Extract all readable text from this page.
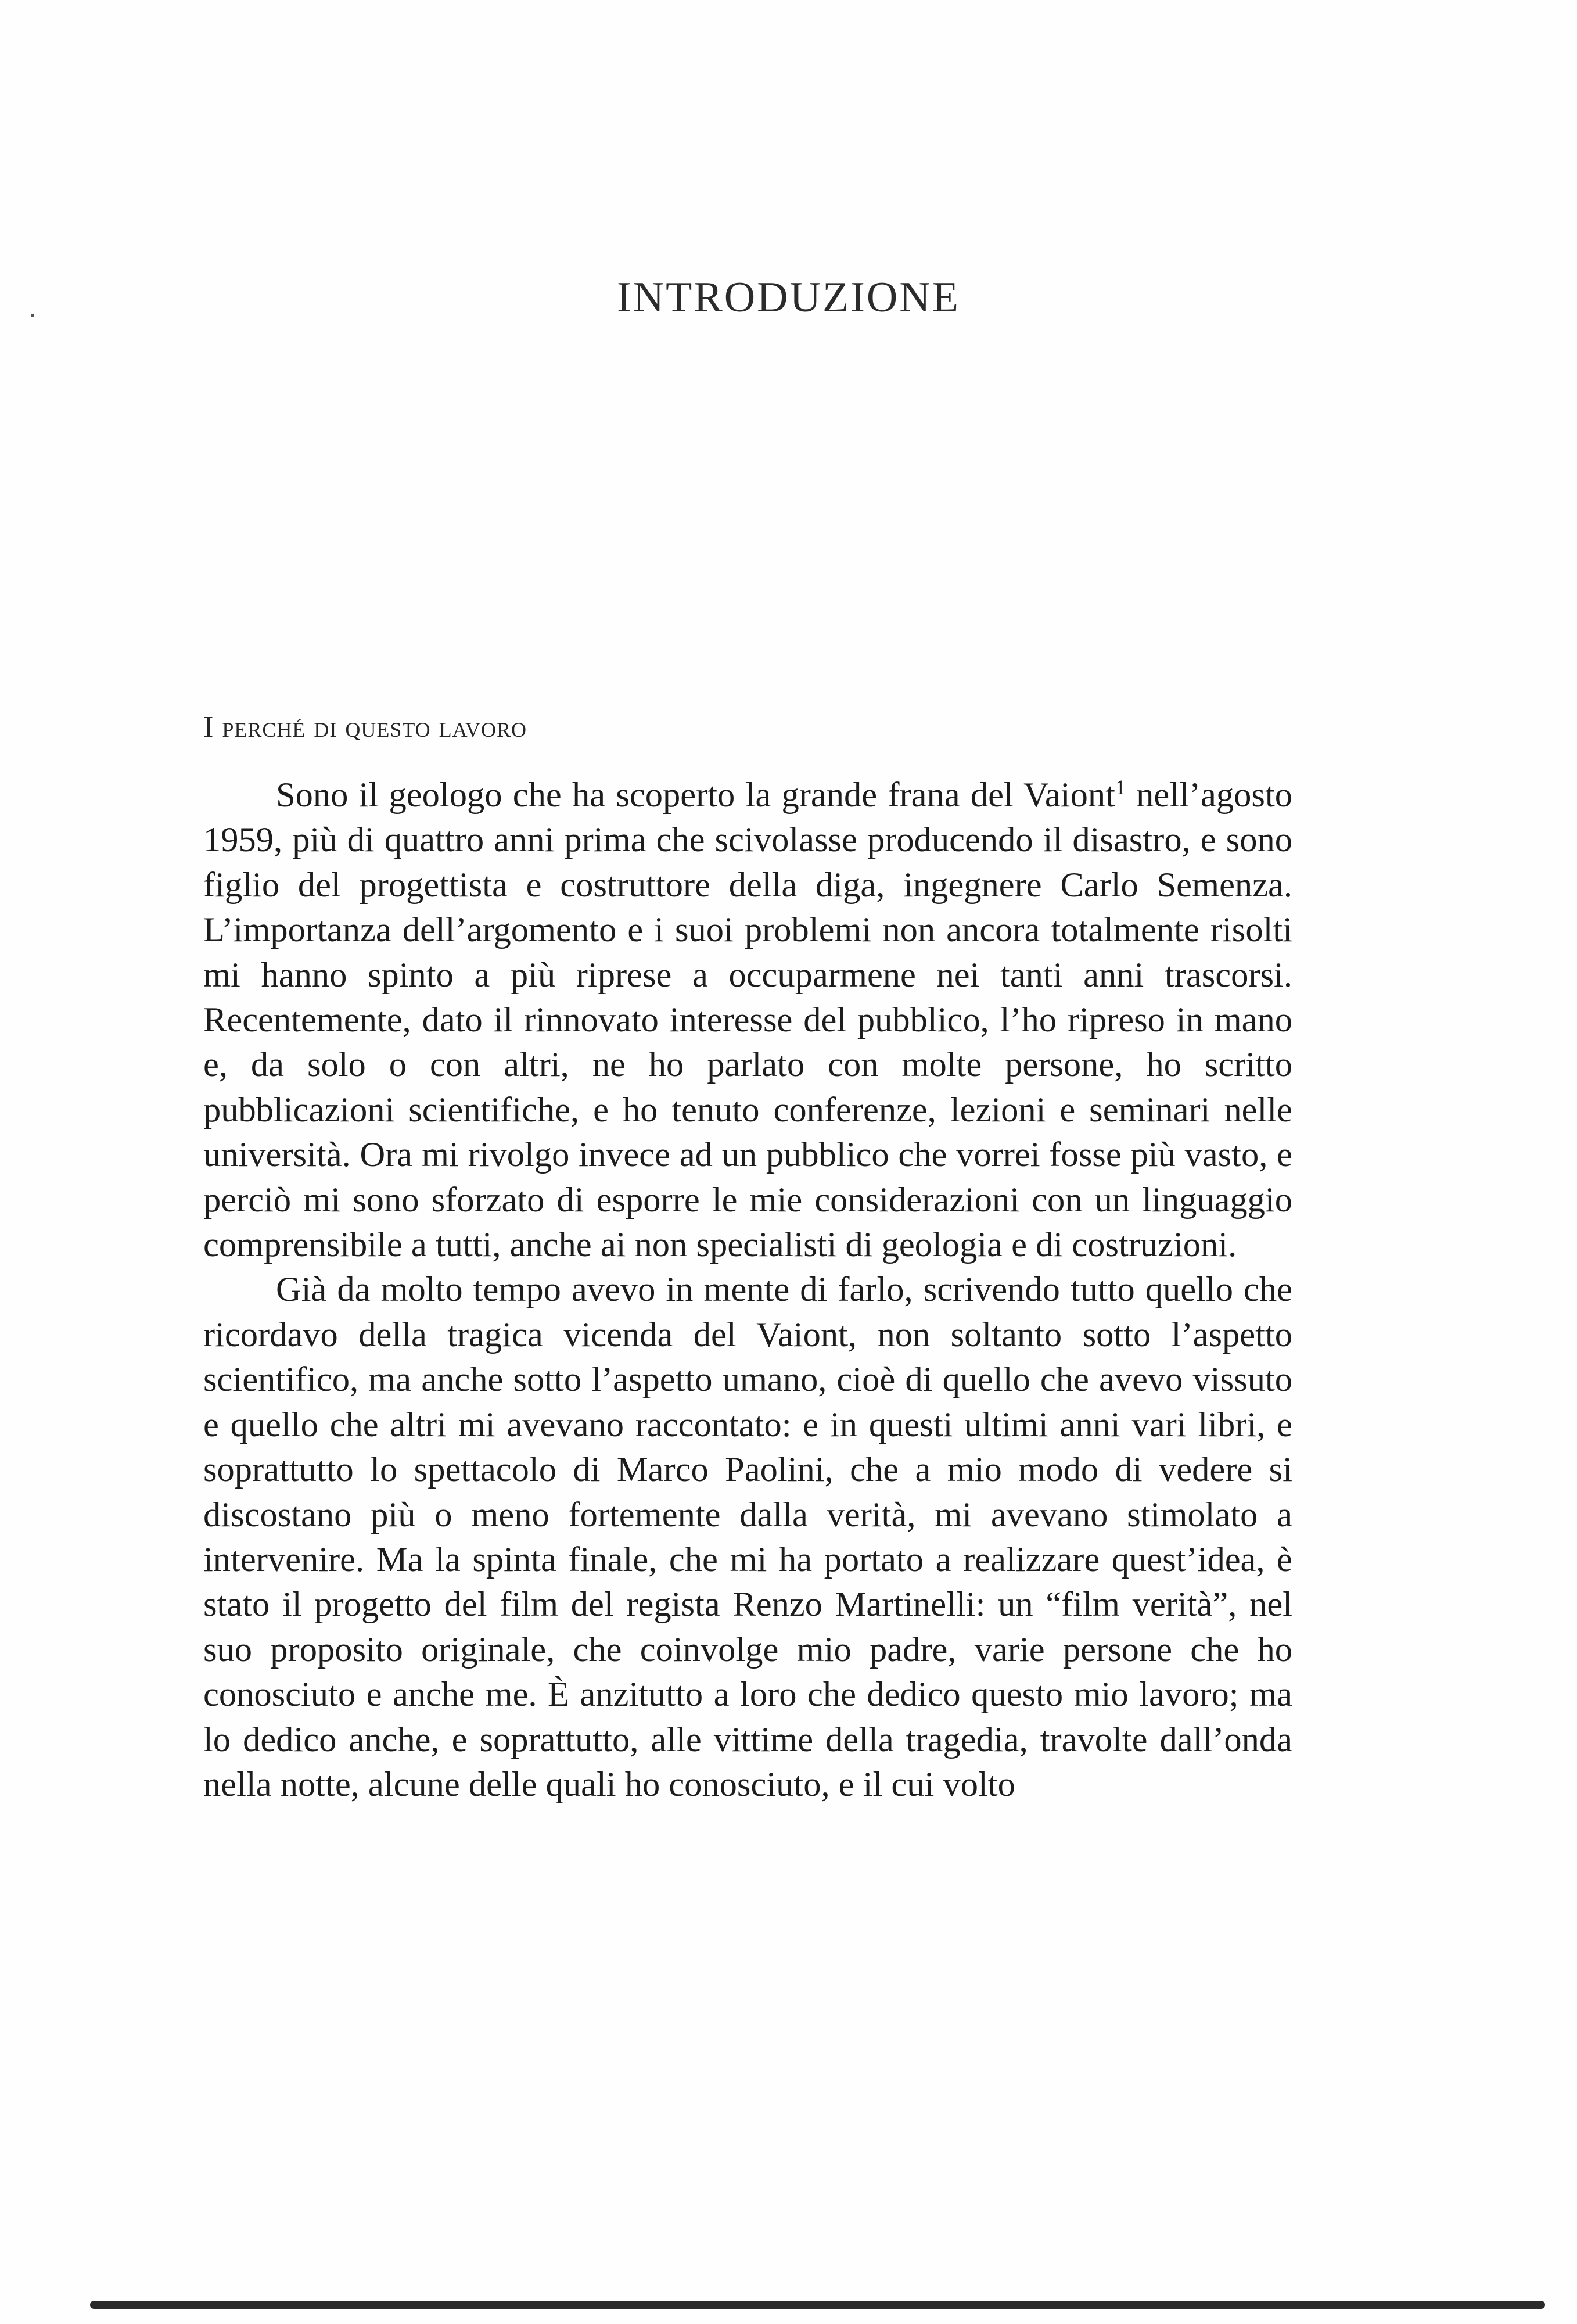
INTRODUZIONE
I perché di questo lavoro

Sono il geologo che ha scoperto la grande frana del Vaiont$^1$ nell’agosto 1959, più di quattro anni prima che scivolasse producendo il disastro, e sono figlio del progettista e costruttore della diga, ingegnere Carlo Semenza. L’importanza dell’argomento e i suoi problemi non ancora totalmente risolti mi hanno spinto a più riprese a occuparmene nei tanti anni trascorsi. Recentemente, dato il rinnovato interesse del pubblico, l’ho ripreso in mano e, da solo o con altri, ne ho parlato con molte persone, ho scritto pubblicazioni scientifiche, e ho tenuto conferenze, lezioni e seminari nelle università. Ora mi rivolgo invece ad un pubblico che vorrei fosse più vasto, e perciò mi sono sforzato di esporre le mie considerazioni con un linguaggio comprensibile a tutti, anche ai non specialisti di geologia e di costruzioni.

Già da molto tempo avevo in mente di farlo, scrivendo tutto quello che ricordavo della tragica vicenda del Vaiont, non soltanto sotto l’aspetto scientifico, ma anche sotto l’aspetto umano, cioè di quello che avevo vissuto e quello che altri mi avevano raccontato: e in questi ultimi anni vari libri, e soprattutto lo spettacolo di Marco Paolini, che a mio modo di vedere si discostano più o meno fortemente dalla verità, mi avevano stimolato a intervenire. Ma la spinta finale, che mi ha portato a realizzare quest’idea, è stato il progetto del film del regista Renzo Martinelli: un “film verità”, nel suo proposito originale, che coinvolge mio padre, varie persone che ho conosciuto e anche me. È anzitutto a loro che dedico questo mio lavoro; ma lo dedico anche, e soprattutto, alle vittime della tragedia, travolte dall’onda nella notte, alcune delle quali ho conosciuto, e il cui volto
